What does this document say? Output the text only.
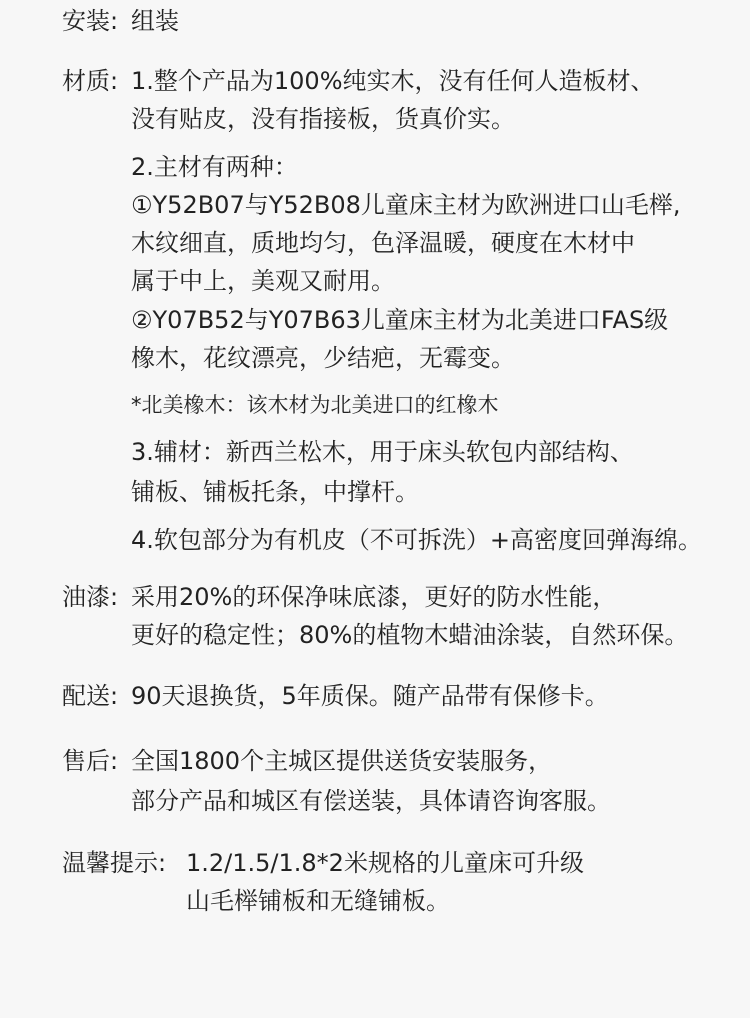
安装: 组装
材质: 1.整个产品为100%纯实木，没有任何人造板材、
没有贴皮，没有指接板，货真价实。
2.主材有两种：
①Y52B07与Y52B08儿童床主材为欧洲进口山毛榉,
木纹细直，质地均匀，色泽温暖，硬度在木材中
属于中上，美观又耐用。
②Y07B52与Y07B63儿童床主材为北美进口FAS级
橡木，花纹漂亮，少结疤，无霉变。
*北美橡木：该木材为北美进口的红橡木
3.辅材：新西兰松木，用于床头软包内部结构、
铺板、铺板托条，中撑杆。
4.软包部分为有机皮（不可拆洗）+高密度回弹海绵。
油漆: 采用20%的环保净味底漆，更好的防水性能，
更好的稳定性；80%的植物木蜡油涂装，自然环保。
配送: 90天退换货，5年质保。随产品带有保修卡。
售后: 全国1800个主城区提供送货安装服务，
部分产品和城区有偿送装，具体请咨询客服。
温馨提示: 1.2/1.5/1.8*2米规格的儿童床可升级
山毛榉铺板和无缝铺板。
